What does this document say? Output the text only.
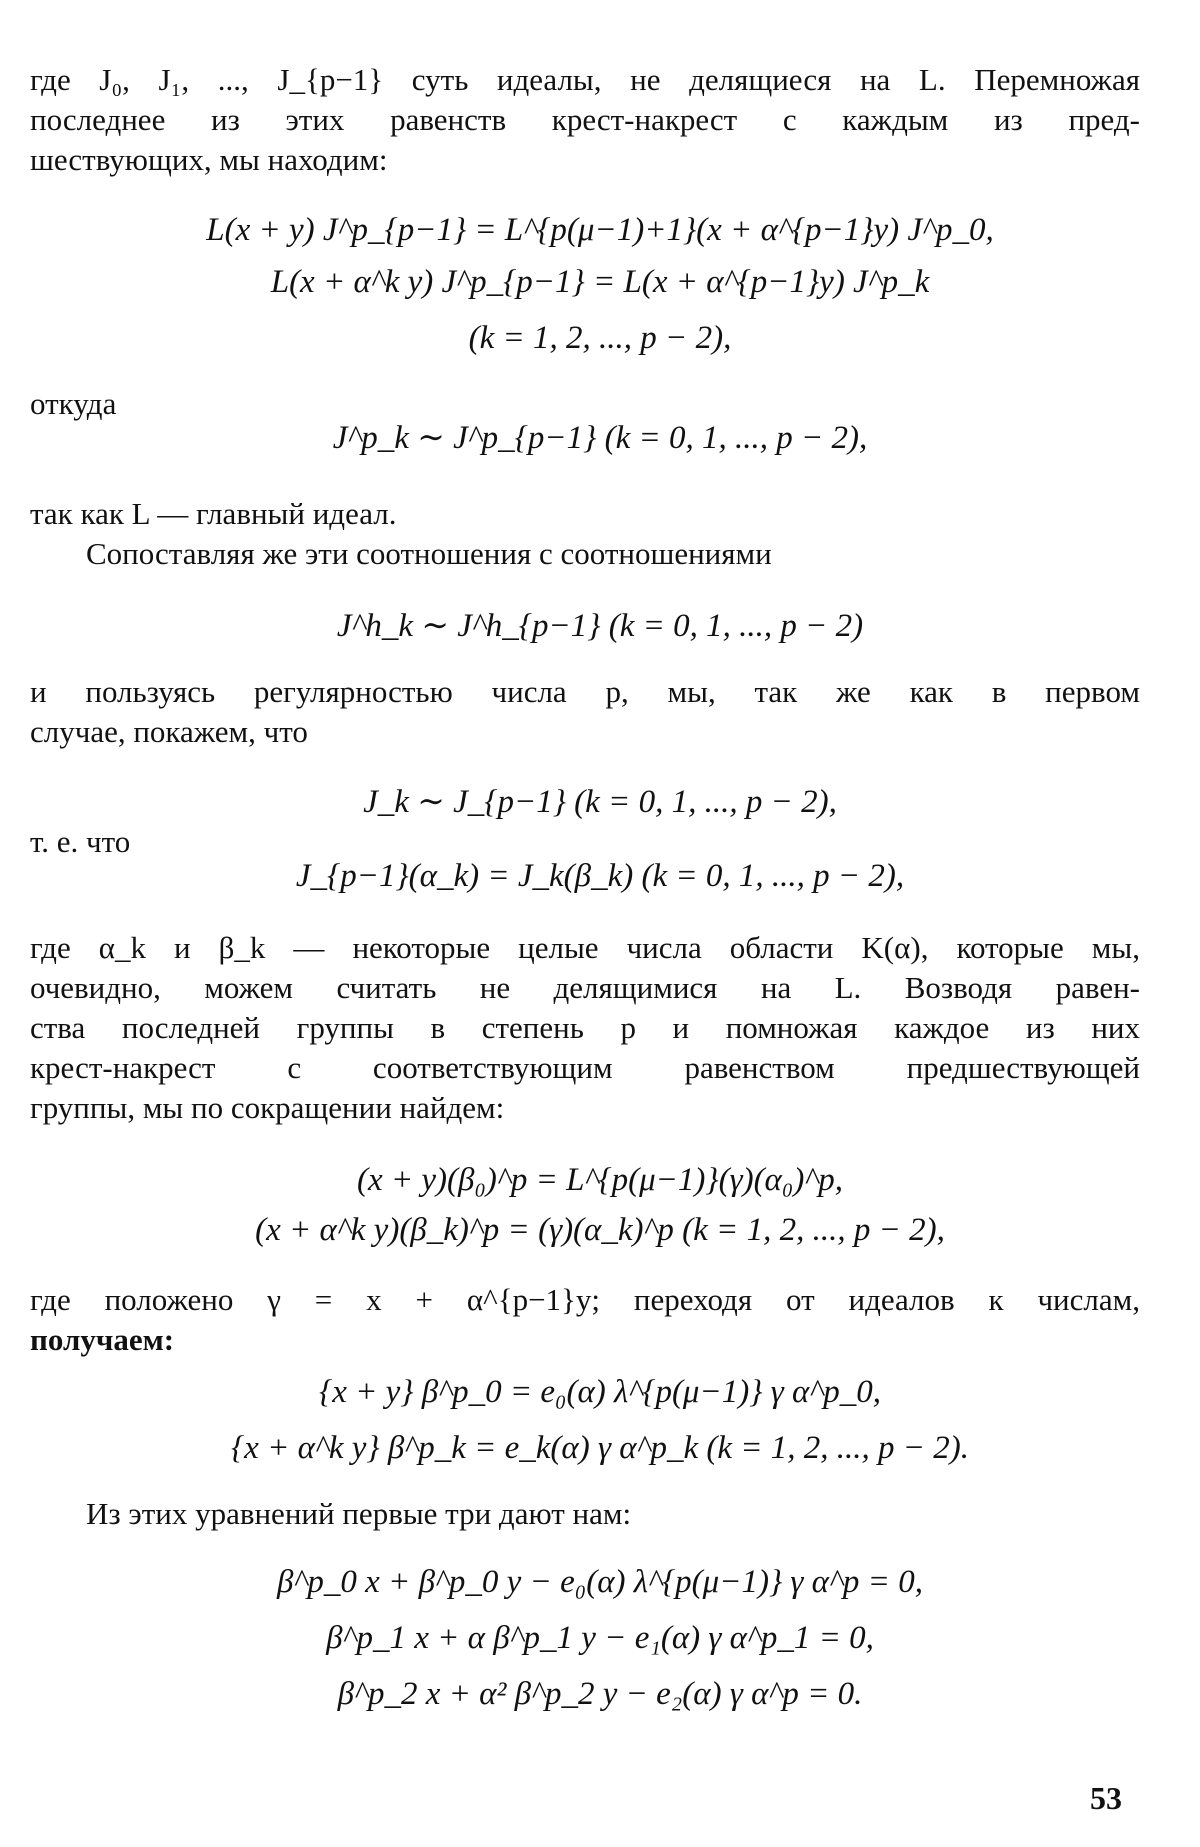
где J₀, J₁, ..., J_{p−1} суть идеалы, не делящиеся на L. Перемножая
последнее из этих равенств крест-накрест с каждым из пред-
шествующих, мы находим:
L(x + y) J^p_{p−1} = L^{p(μ−1)+1}(x + α^{p−1}y) J^p_0,
L(x + α^k y) J^p_{p−1} = L(x + α^{p−1}y) J^p_k
(k = 1, 2, ..., p − 2),
откуда
J^p_k ∼ J^p_{p−1} (k = 0, 1, ..., p − 2),
так как L — главный идеал.
Сопоставляя же эти соотношения с соотношениями
J^h_k ∼ J^h_{p−1} (k = 0, 1, ..., p − 2)
и пользуясь регулярностью числа p, мы, так же как в первом
случае, покажем, что
J_k ∼ J_{p−1} (k = 0, 1, ..., p − 2),
т. е. что
J_{p−1}(α_k) = J_k(β_k) (k = 0, 1, ..., p − 2),
где α_k и β_k — некоторые целые числа области K(α), которые мы,
очевидно, можем считать не делящимися на L. Возводя равен-
ства последней группы в степень p и помножая каждое из них
крест-накрест с соответствующим равенством предшествующей
группы, мы по сокращении найдем:
(x + y)(β₀)^p = L^{p(μ−1)}(γ)(α₀)^p,
(x + α^k y)(β_k)^p = (γ)(α_k)^p (k = 1, 2, ..., p − 2),
где положено γ = x + α^{p−1}y; переходя от идеалов к числам,
получаем:
{x + y} β^p_0 = e₀(α) λ^{p(μ−1)} γ α^p_0,
{x + α^k y} β^p_k = e_k(α) γ α^p_k (k = 1, 2, ..., p − 2).
Из этих уравнений первые три дают нам:
β^p_0 x + β^p_0 y − e₀(α) λ^{p(μ−1)} γ α^p = 0,
β^p_1 x + α β^p_1 y − e₁(α) γ α^p_1 = 0,
β^p_2 x + α² β^p_2 y − e₂(α) γ α^p = 0.
53
